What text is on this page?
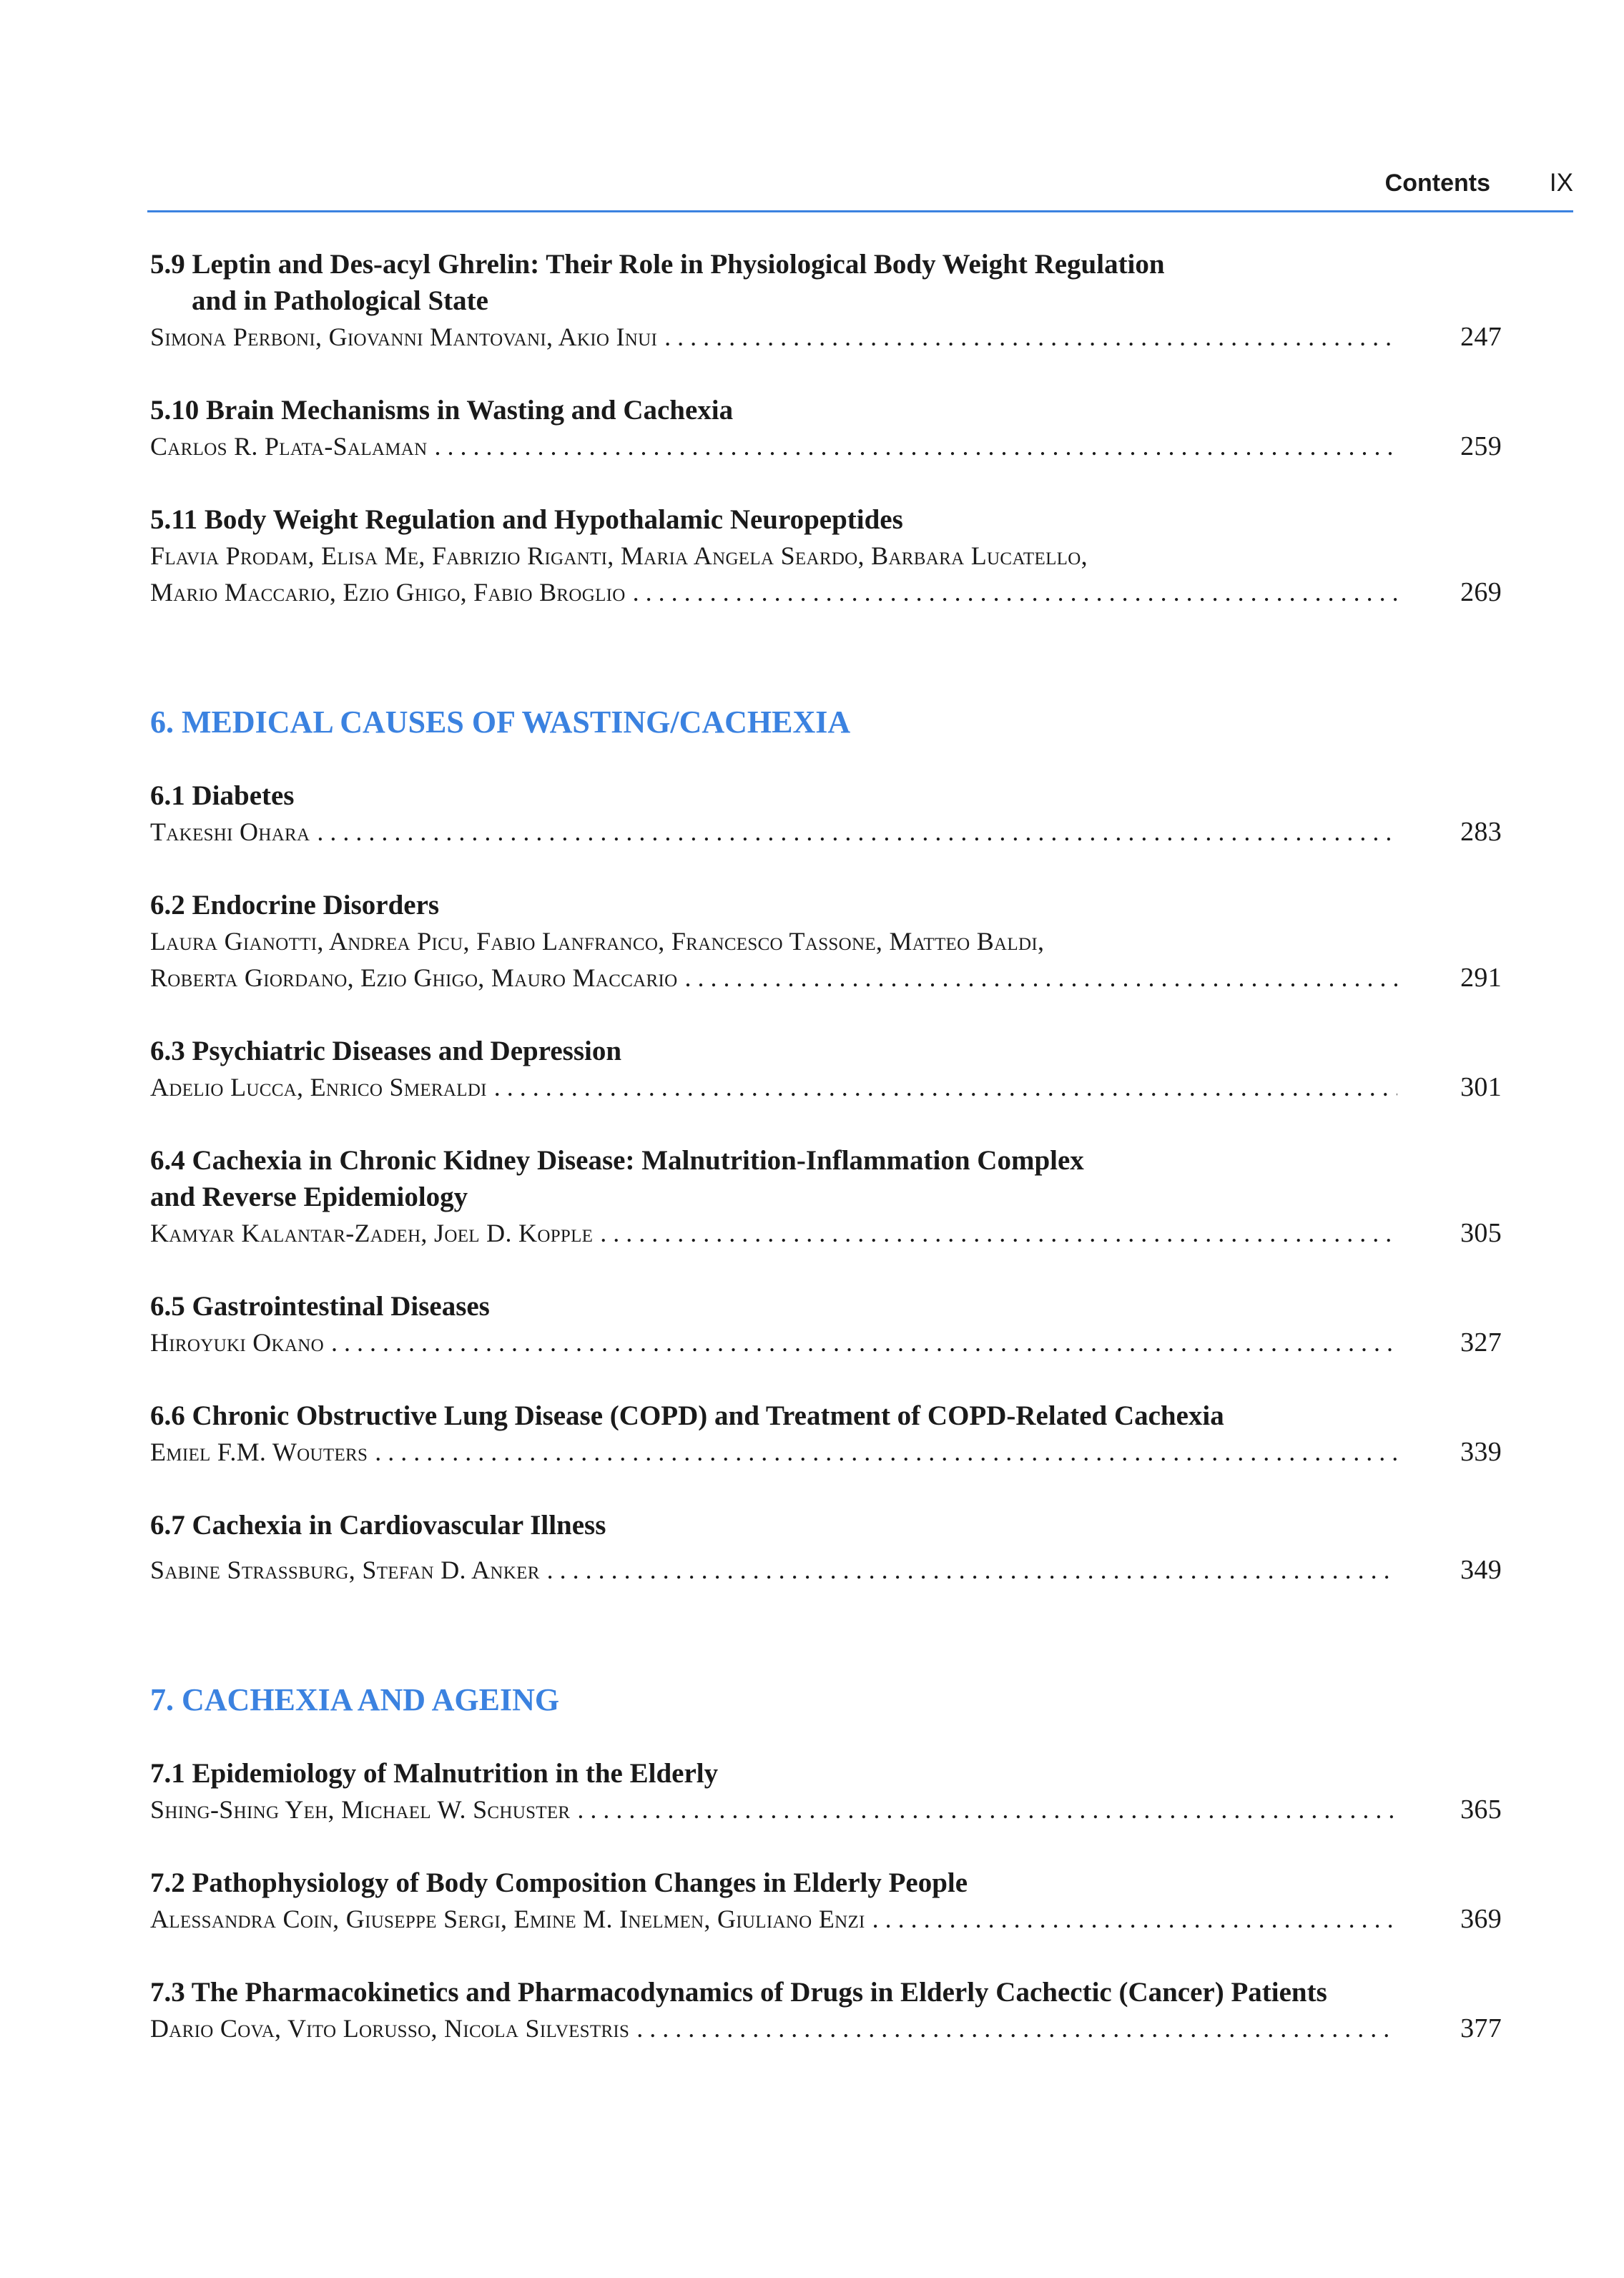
Contents IX
5.9 Leptin and Des-acyl Ghrelin: Their Role in Physiological Body Weight Regulation
and in Pathological State
Simona Perboni, Giovanni Mantovani, Akio Inui . . .	247
5.10 Brain Mechanisms in Wasting and Cachexia
Carlos R. Plata-Salaman . . .	259
5.11 Body Weight Regulation and Hypothalamic Neuropeptides
Flavia Prodam, Elisa Me, Fabrizio Riganti, Maria Angela Seardo, Barbara Lucatello,
Mario Maccario, Ezio Ghigo, Fabio Broglio . . .	269
6. MEDICAL CAUSES OF WASTING/CACHEXIA
6.1 Diabetes
Takeshi Ohara . . .	283
6.2 Endocrine Disorders
Laura Gianotti, Andrea Picu, Fabio Lanfranco, Francesco Tassone, Matteo Baldi,
Roberta Giordano, Ezio Ghigo, Mauro Maccario . . .	291
6.3 Psychiatric Diseases and Depression
Adelio Lucca, Enrico Smeraldi . . .	301
6.4 Cachexia in Chronic Kidney Disease: Malnutrition-Inflammation Complex
and Reverse Epidemiology
Kamyar Kalantar-Zadeh, Joel D. Kopple . . .	305
6.5 Gastrointestinal Diseases
Hiroyuki Okano . . .	327
6.6 Chronic Obstructive Lung Disease (COPD) and Treatment of COPD-Related Cachexia
Emiel F.M. Wouters . . .	339
6.7 Cachexia in Cardiovascular Illness
Sabine Strassburg, Stefan D. Anker . . .	349
7. CACHEXIA AND AGEING
7.1 Epidemiology of Malnutrition in the Elderly
Shing-Shing Yeh, Michael W. Schuster . . .	365
7.2 Pathophysiology of Body Composition Changes in Elderly People
Alessandra Coin, Giuseppe Sergi, Emine M. Inelmen, Giuliano Enzi . . .	369
7.3 The Pharmacokinetics and Pharmacodynamics of Drugs in Elderly Cachectic (Cancer) Patients
Dario Cova, Vito Lorusso, Nicola Silvestris . . .	377
